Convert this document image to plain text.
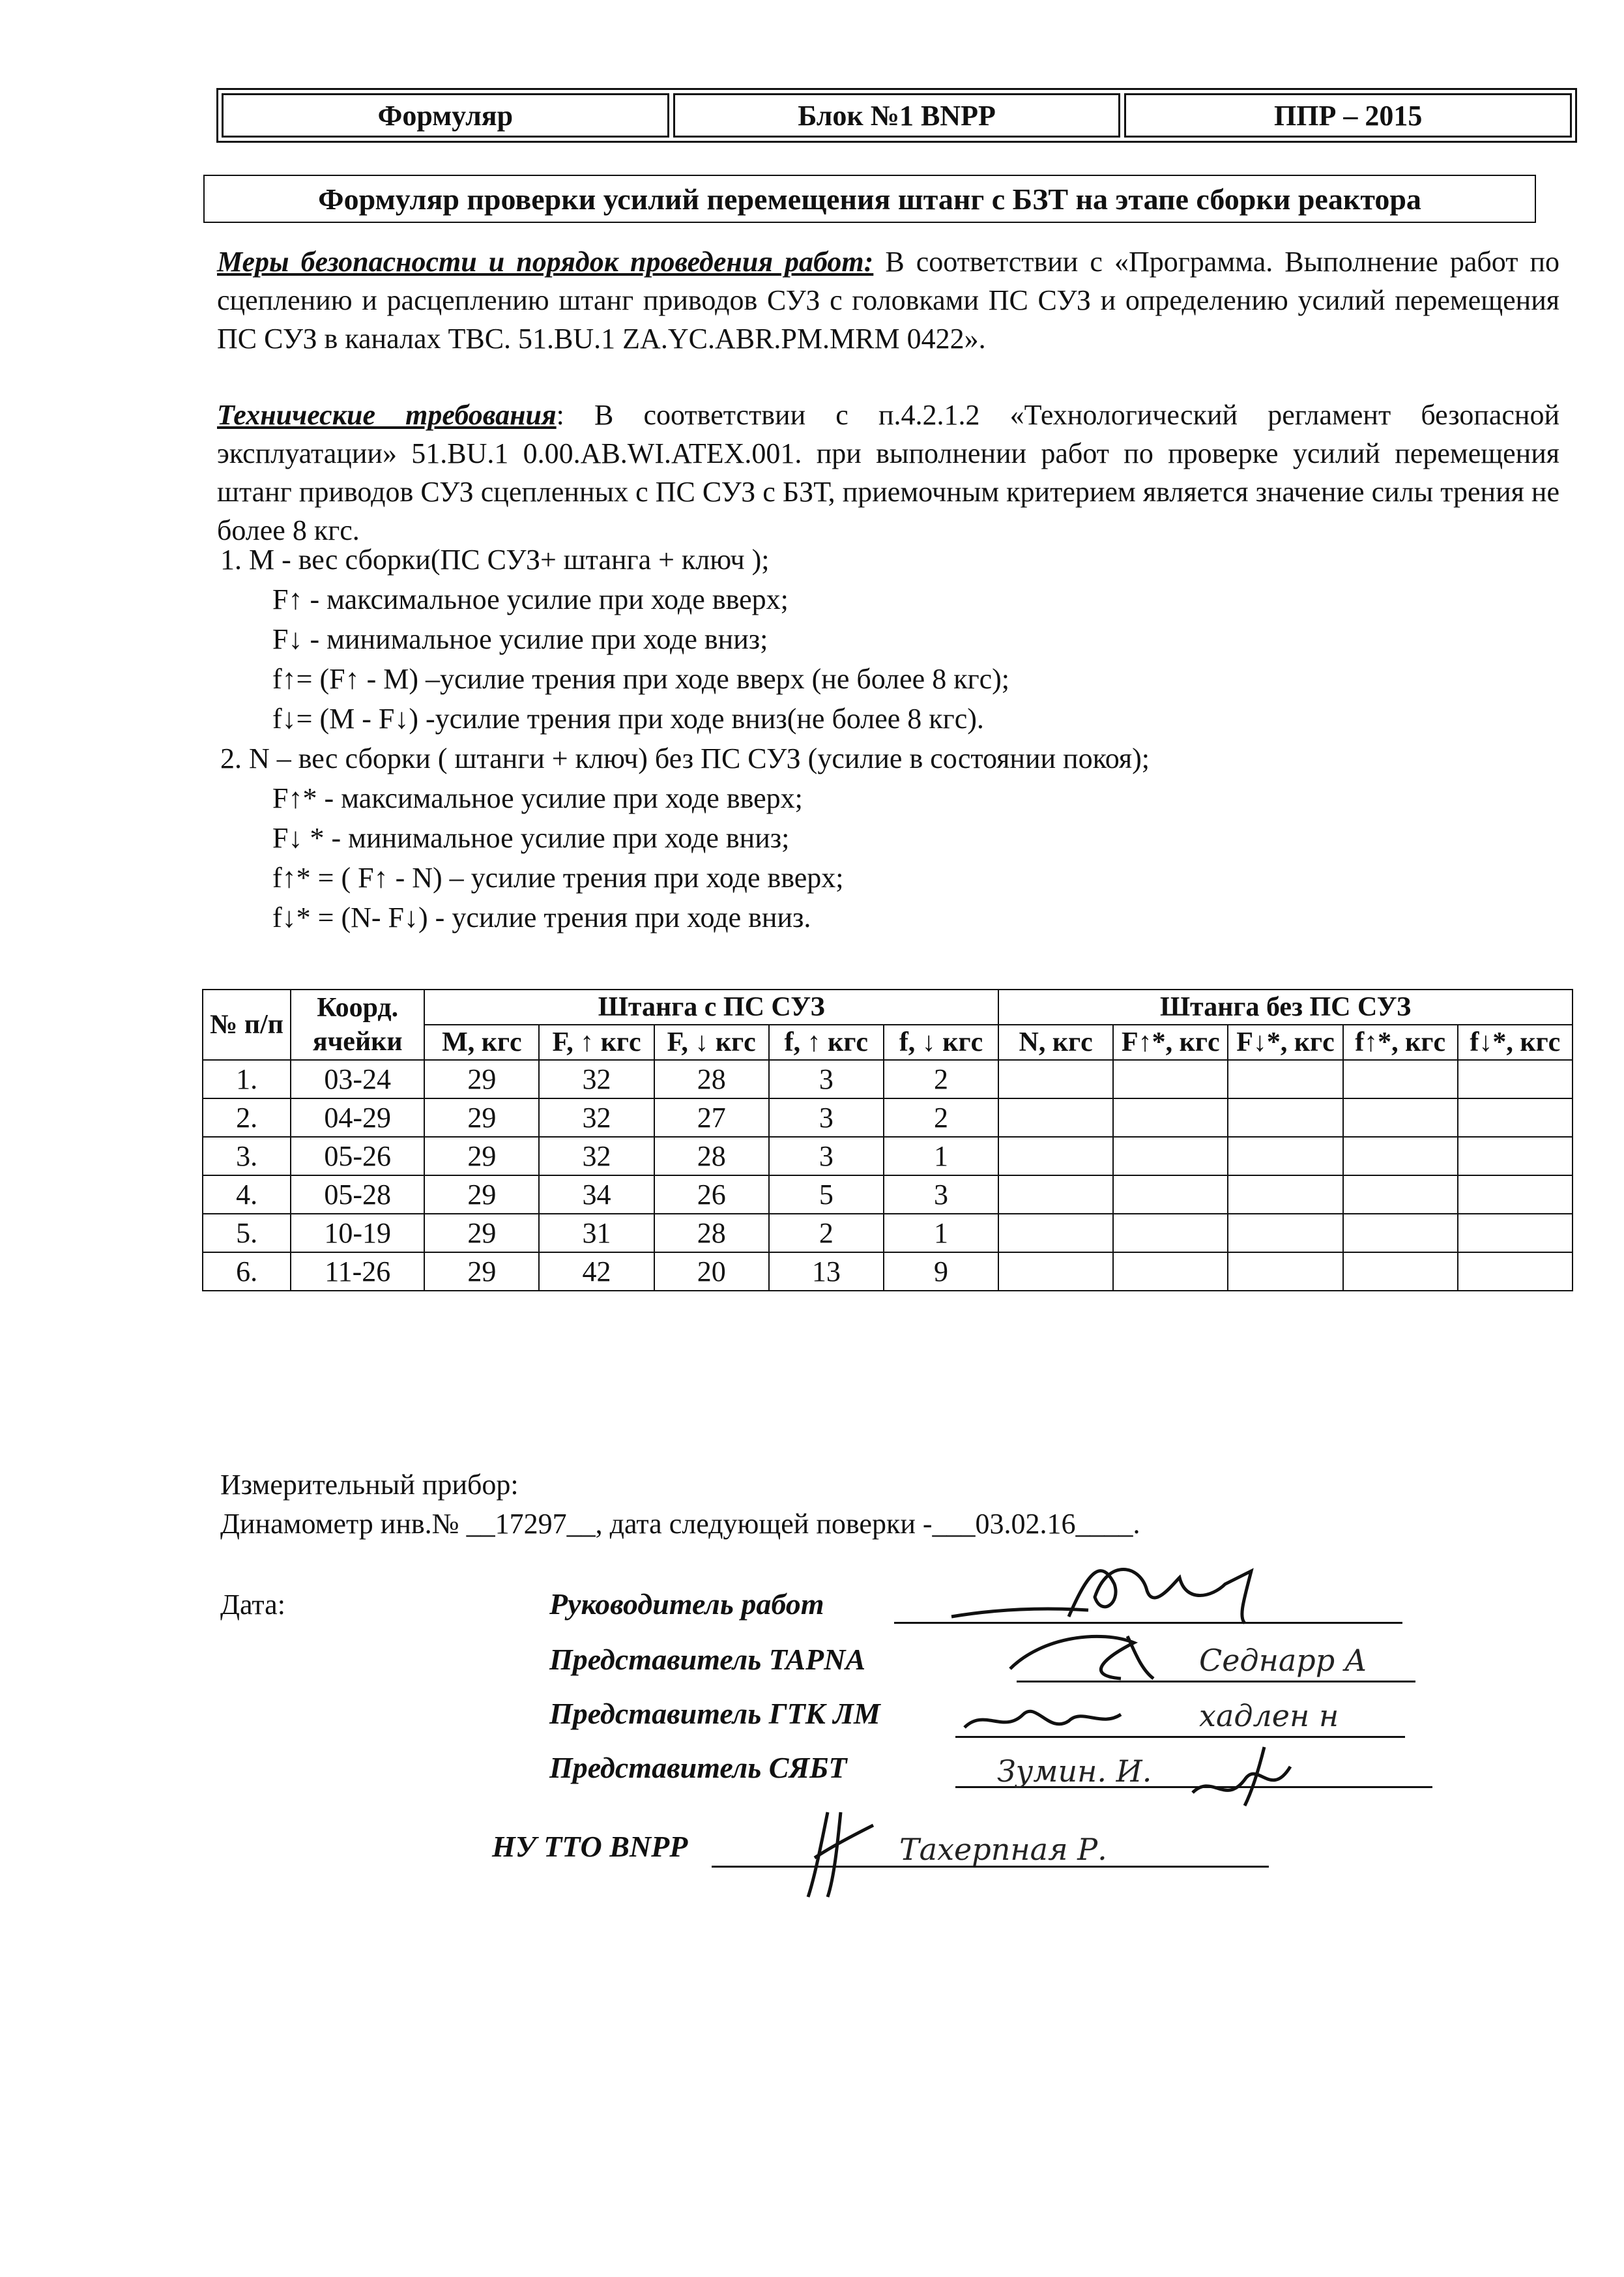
Формуляр	Блок №1 BNPP	ППР – 2015
Формуляр проверки усилий перемещения штанг с БЗТ на этапе сборки реактора
Меры безопасности и порядок проведения работ: В соответствии с «Программа. Выполнение работ по сцеплению и расцеплению штанг приводов СУЗ с головками ПС СУЗ и определению усилий перемещения ПС СУЗ в каналах ТВС. 51.BU.1 ZA.YC.ABR.PM.MRM 0422».
Технические требования: В соответствии с п.4.2.1.2 «Технологический регламент безопасной эксплуатации» 51.BU.1 0.00.AB.WI.ATEX.001. при выполнении работ по проверке усилий перемещения штанг приводов СУЗ сцепленных с ПС СУЗ с БЗТ, приемочным критерием является значение силы трения не более 8 кгс.
1. M - вес сборки(ПС СУЗ+ штанга + ключ );
F↑ - максимальное усилие при ходе вверх;
F↓ - минимальное усилие при ходе вниз;
f↑= (F↑ - M) –усилие трения при ходе вверх (не более 8 кгс);
f↓= (M - F↓) -усилие трения при ходе вниз(не более 8 кгс).
2. N – вес сборки ( штанги + ключ) без ПС СУЗ (усилие в состоянии покоя);
F↑* - максимальное усилие при ходе вверх;
F↓ * - минимальное усилие при ходе вниз;
f↑* = ( F↑ - N) – усилие трения при ходе вверх;
f↓* = (N- F↓) - усилие трения при ходе вниз.
№ п/п	Коорд. ячейки	Штанга с ПС СУЗ					Штанга без ПС СУЗ				
		M, кгс	F, ↑ кгс	F, ↓ кгс	f, ↑ кгс	f, ↓ кгс	N, кгс	F↑*, кгс	F↓*, кгс	f↑*, кгс	f↓*, кгс
1.	03-24	29	32	28	3	2					
2.	04-29	29	32	27	3	2					
3.	05-26	29	32	28	3	1					
4.	05-28	29	34	26	5	3					
5.	10-19	29	31	28	2	1					
6.	11-26	29	42	20	13	9					
Измерительный прибор:
Динамометр инв.№ __17297__, дата следующей поверки -___03.02.16____.
Дата:	Руководитель работ
Представитель TAPNA	Седнарр А
Представитель ГТК ЛМ	хадлен н
Представитель СЯБТ	Зумин. И.
НУ ТТО BNPP	Тахерпная Р.
